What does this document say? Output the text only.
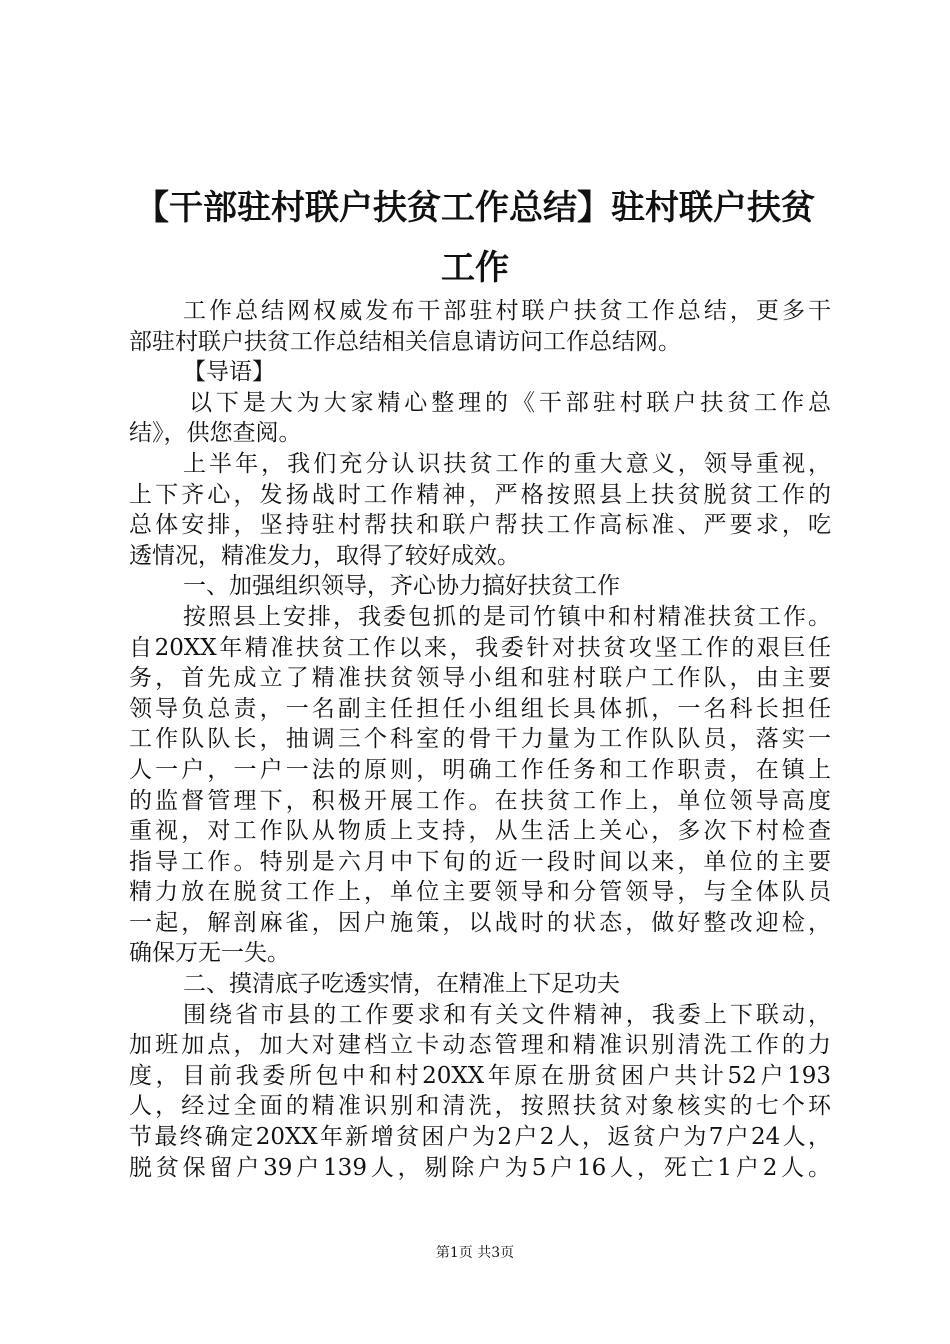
【干部驻村联户扶贫工作总结】驻村联户扶贫
工作
工作总结网权威发布干部驻村联户扶贫工作总结，更多干
部驻村联户扶贫工作总结相关信息请访问工作总结网。
【导语】
以下是大为大家精心整理的《干部驻村联户扶贫工作总
结》，供您查阅。
上半年，我们充分认识扶贫工作的重大意义，领导重视，
上下齐心，发扬战时工作精神，严格按照县上扶贫脱贫工作的
总体安排，坚持驻村帮扶和联户帮扶工作高标准、严要求，吃
透情况，精准发力，取得了较好成效。
一、加强组织领导，齐心协力搞好扶贫工作
按照县上安排，我委包抓的是司竹镇中和村精准扶贫工作。
自20XX年精准扶贫工作以来，我委针对扶贫攻坚工作的艰巨任
务，首先成立了精准扶贫领导小组和驻村联户工作队，由主要
领导负总责，一名副主任担任小组组长具体抓，一名科长担任
工作队队长，抽调三个科室的骨干力量为工作队队员，落实一
人一户，一户一法的原则，明确工作任务和工作职责，在镇上
的监督管理下，积极开展工作。在扶贫工作上，单位领导高度
重视，对工作队从物质上支持，从生活上关心，多次下村检查
指导工作。特别是六月中下旬的近一段时间以来，单位的主要
精力放在脱贫工作上，单位主要领导和分管领导，与全体队员
一起，解剖麻雀，因户施策，以战时的状态，做好整改迎检，
确保万无一失。
二、摸清底子吃透实情，在精准上下足功夫
围绕省市县的工作要求和有关文件精神，我委上下联动，
加班加点，加大对建档立卡动态管理和精准识别清洗工作的力
度，目前我委所包中和村20XX年原在册贫困户共计52户193
人，经过全面的精准识别和清洗，按照扶贫对象核实的七个环
节最终确定20XX年新增贫困户为2户2人，返贫户为7户24人，
脱贫保留户39户139人，剔除户为5户16人，死亡1户2人。
第1页 共3页
